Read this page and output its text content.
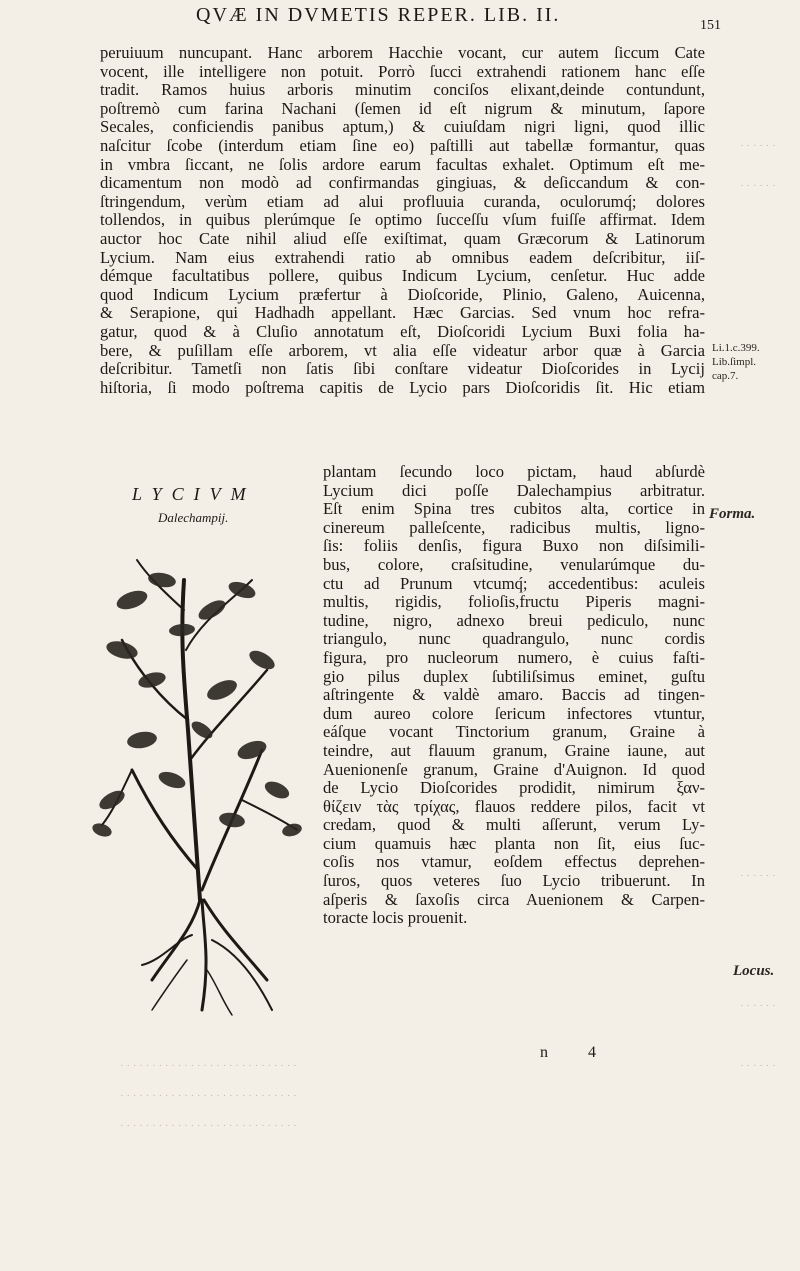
QVÆ IN DVMETIS REPER. LIB. II.	151
peruiuum nuncupant. Hanc arborem Hacchie vocant, cur autem ſiccum Cate
vocent, ille intelligere non potuit. Porrò ſucci extrahendi rationem hanc eſſe
tradit. Ramos huius arboris minutim conciſos elixant,deinde contundunt,
poſtremò cum farina Nachani (ſemen id eſt nigrum & minutum, ſapore
Secales, conficiendis panibus aptum,) & cuiuſdam nigri ligni, quod illic
naſcitur ſcobe (interdum etiam ſine eo) paſtilli aut tabellæ formantur, quas
in vmbra ſiccant, ne ſolis ardore earum facultas exhalet. Optimum eſt me-
dicamentum non modò ad confirmandas gingiuas, & deſiccandum & con-
ſtringendum, verùm etiam ad alui profluuia curanda, oculorumq́; dolores
tollendos, in quibus plerúmque ſe optimo ſucceſſu vſum fuiſſe affirmat. Idem
auctor hoc Cate nihil aliud eſſe exiſtimat, quam Græcorum & Latinorum
Lycium. Nam eius extrahendi ratio ab omnibus eadem deſcribitur, iiſ-
démque facultatibus pollere, quibus Indicum Lycium, cenſetur. Huc adde
quod Indicum Lycium præfertur à Dioſcoride, Plinio, Galeno, Auicenna,
& Serapione, qui Hadhadh appellant. Hæc Garcias. Sed vnum hoc refra-
gatur, quod & à Cluſio annotatum eſt, Dioſcoridi Lycium Buxi folia ha-
bere, & puſillam eſſe arborem, vt alia eſſe videatur arbor quæ à Garcia
deſcribitur. Tametſi non ſatis ſibi conſtare videatur Dioſcorides in Lycij
hiſtoria, ſi modo poſtrema capitis de Lycio pars Dioſcoridis ſit. Hic etiam
LYCIVM
Dalechampij.
plantam ſecundo loco pictam, haud abſurdè
Lycium dici poſſe Dalechampius arbitratur.
Eſt enim Spina tres cubitos alta, cortice in
cinereum palleſcente, radicibus multis, ligno-
ſis: foliis denſis, figura Buxo non diſsimili-
bus, colore, craſsitudine, venularúmque du-
ctu ad Prunum vtcumq́; accedentibus: aculeis
multis, rigidis, folioſis,fructu Piperis magni-
tudine, nigro, adnexo breui pediculo, nunc
triangulo, nunc quadrangulo, nunc cordis
figura, pro nucleorum numero, è cuius faſti-
gio pilus duplex ſubtiliſsimus eminet, guſtu
aſtringente & valdè amaro. Baccis ad tingen-
dum aureo colore ſericum infectores vtuntur,
eáſque vocant Tinctorium granum, Graine à
teindre, aut flauum granum, Graine iaune, aut
Auenionenſe granum, Graine d'Auignon. Id quod
de Lycio Dioſcorides prodidit, nimirum ξαν-
θίζειν τὰς τρίχας, flauos reddere pilos, facit vt
credam, quod & multi aſſerunt, verum Ly-
cium quamuis hæc planta non ſit, eius ſuc-
coſis nos vtamur, eoſdem effectus deprehen-
ſuros, quos veteres ſuo Lycio tribuerunt. In
aſperis & ſaxoſis circa Auenionem & Carpen-
toracte locis prouenit.
Li.1.c.399.
Lib.ſimpl.
cap.7.
Forma.
Locus.
n 4
· · · · · ·
· · · · · ·
· · · · · ·
· · · · · ·
· · · · · ·
· · · · · · · · · · · · · · · · · · · · · · · · · · · ·
· · · · · · · · · · · · · · · · · · · · · · · · · · · ·
· · · · · · · · · · · · · · · · · · · · · · · · · · · ·
